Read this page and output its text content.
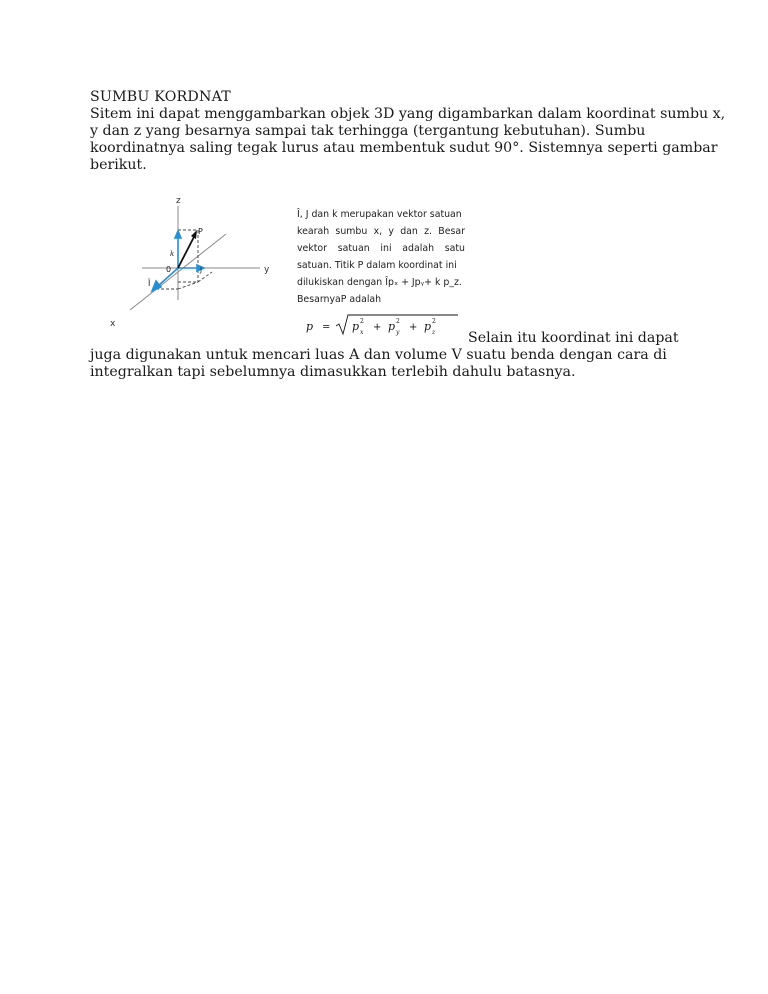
SUMBU KORDNAT
Sitem ini dapat menggambarkan objek 3D yang digambarkan dalam koordinat sumbu x,
y dan z yang besarnya sampai tak terhingga (tergantung kebutuhan). Sumbu
koordinatnya saling tegak lurus atau membentuk sudut 90°. Sistemnya seperti gambar
berikut.
z
y
x
P
0
k
J
Î
Î, J dan k merupakan vektor satuan
kearah sumbu x, y dan z. Besar
vektor satuan ini adalah satu
satuan. Titik P dalam koordinat ini
dilukiskan dengan Îpₓ + Jpᵧ+ k p_z.
BesarnyaP adalah
p = p 2
x + p 2
y + p 2
z	Selain itu koordinat ini dapat
juga digunakan untuk mencari luas A dan volume V suatu benda dengan cara di
integralkan tapi sebelumnya dimasukkan terlebih dahulu batasnya.
